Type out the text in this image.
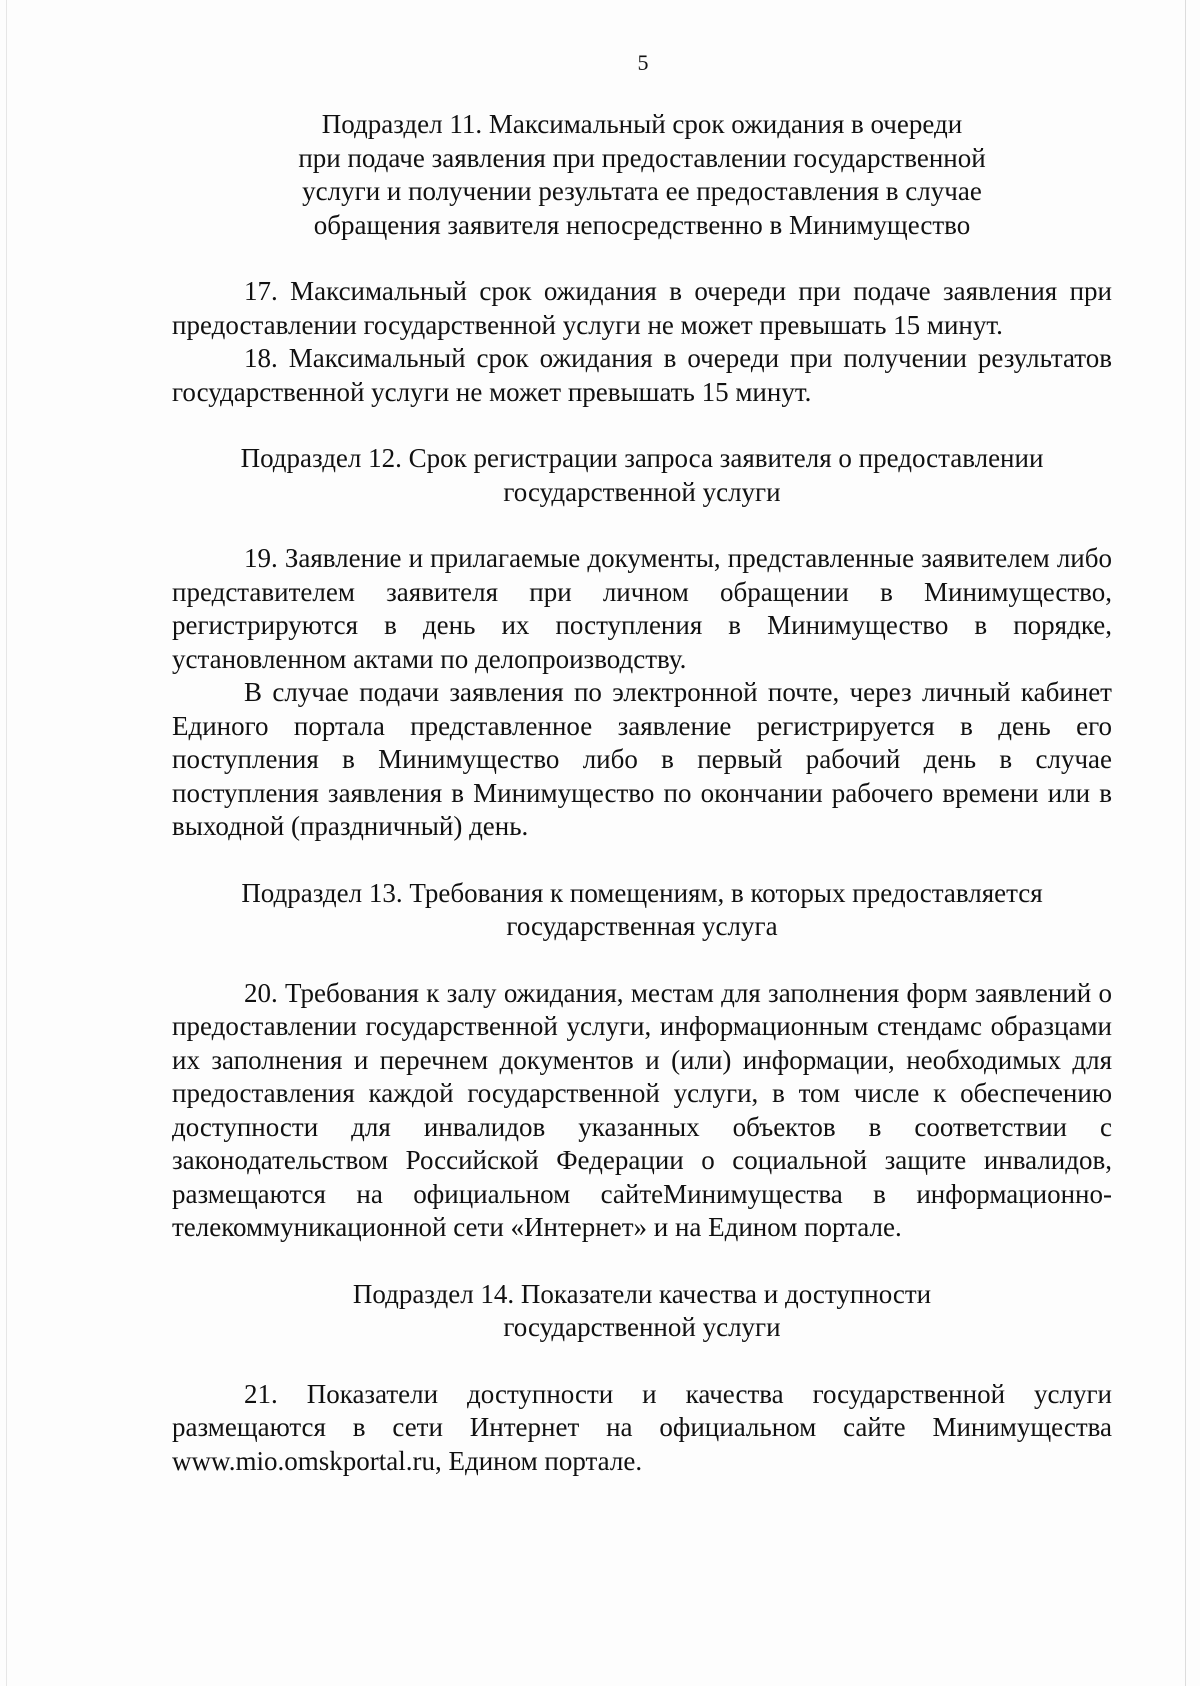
5
Подраздел 11. Максимальный срок ожидания в очереди
при подаче заявления при предоставлении государственной
услуги и получении результата ее предоставления в случае
обращения заявителя непосредственно в Минимущество

17. Максимальный срок ожидания в очереди при подаче заявления при предоставлении государственной услуги не может превышать 15 минут.

18. Максимальный срок ожидания в очереди при получении результатов государственной услуги не может превышать 15 минут.

Подраздел 12. Срок регистрации запроса заявителя о предоставлении
государственной услуги

19. Заявление и прилагаемые документы, представленные заявителем либо представителем заявителя при личном обращении в Минимущество, регистрируются в день их поступления в Минимущество в порядке, установленном актами по делопроизводству.

В случае подачи заявления по электронной почте, через личный кабинет Единого портала представленное заявление регистрируется в день его поступления в Минимущество либо в первый рабочий день в случае поступления заявления в Минимущество по окончании рабочего времени или в выходной (праздничный) день.

Подраздел 13. Требования к помещениям, в которых предоставляется
государственная услуга

20. Требования к залу ожидания, местам для заполнения форм заявлений о предоставлении государственной услуги, информационным стендамс образцами их заполнения и перечнем документов и (или) информации, необходимых для предоставления каждой государственной услуги, в том числе к обеспечению доступности для инвалидов указанных объектов в соответствии с законодательством Российской Федерации о социальной защите инвалидов, размещаются на официальном сайтеМинимущества в информационно-телекоммуникационной сети «Интернет» и на Едином портале.

Подраздел 14. Показатели качества и доступности
государственной услуги

21. Показатели доступности и качества государственной услуги размещаются в сети Интернет на официальном сайте Минимущества www.mio.omskportal.ru, Едином портале.
